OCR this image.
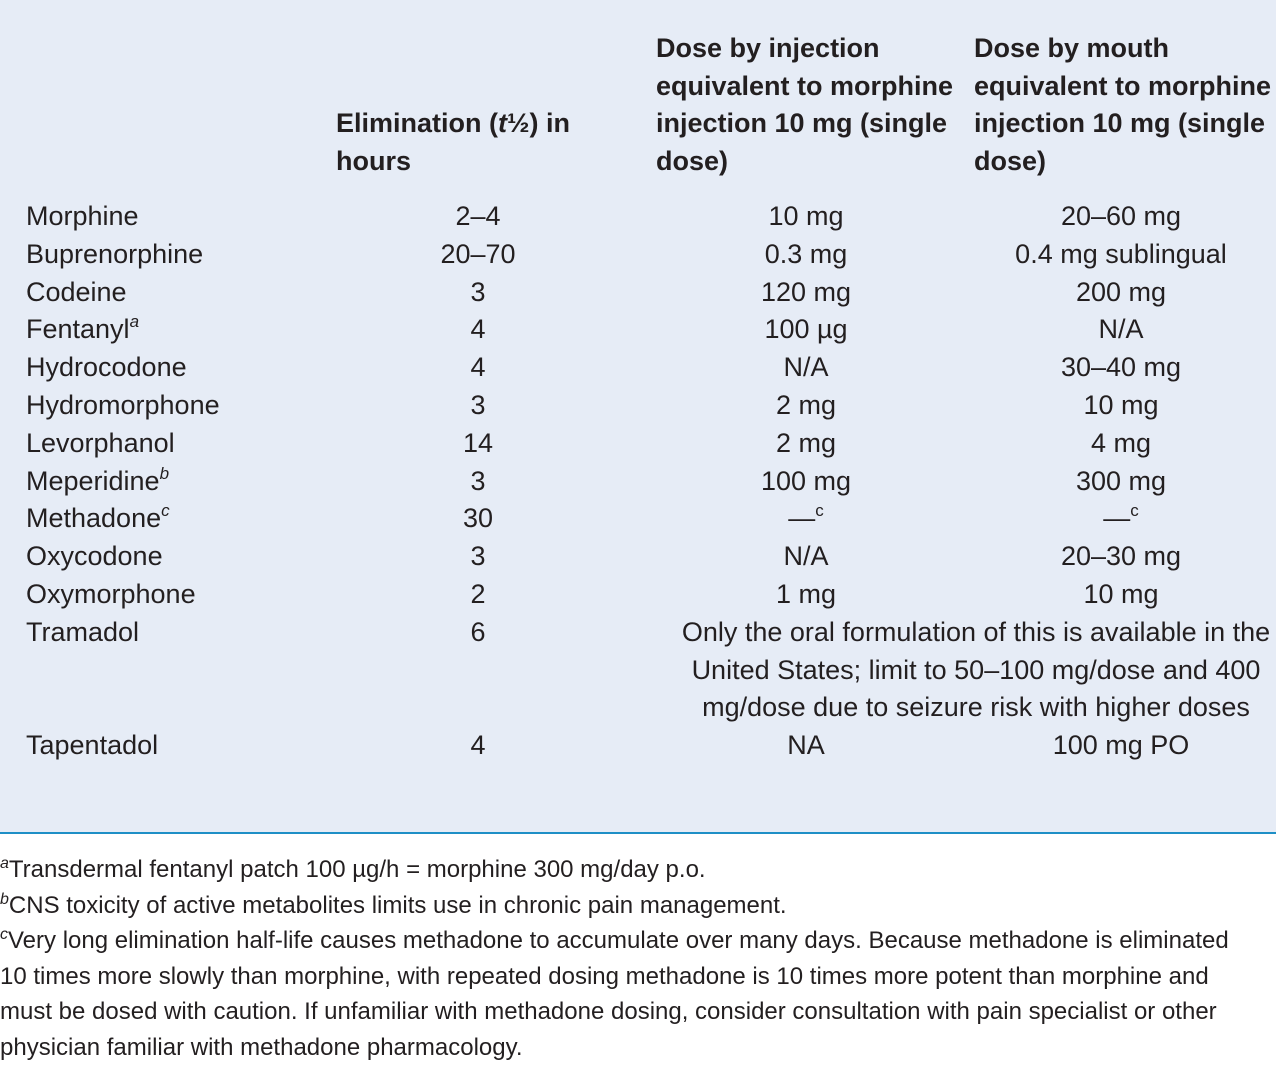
	Elimination (t½) in hours	Dose by injection equivalent to morphine injection 10 mg (single dose)	Dose by mouth equivalent to morphine injection 10 mg (single dose)
Morphine	2–4	10 mg	20–60 mg
Buprenorphine	20–70	0.3 mg	0.4 mg sublingual
Codeine	3	120 mg	200 mg
Fentanyl$^a$	4	100 µg	N/A
Hydrocodone	4	N/A	30–40 mg
Hydromorphone	3	2 mg	10 mg
Levorphanol	14	2 mg	4 mg
Meperidine$^b$	3	100 mg	300 mg
Methadone$^c$	30	—$^c$	—$^c$
Oxycodone	3	N/A	20–30 mg
Oxymorphone	2	1 mg	10 mg
Tramadol	6	Only the oral formulation of this is available in the United States; limit to 50–100 mg/dose and 400 mg/dose due to seizure risk with higher doses	
Tapentadol	4	NA	100 mg PO

$^a$Transdermal fentanyl patch 100 µg/h = morphine 300 mg/day p.o.

$^b$CNS toxicity of active metabolites limits use in chronic pain management.

$^c$Very long elimination half-life causes methadone to accumulate over many days. Because methadone is eliminated 10 times more slowly than morphine, with repeated dosing methadone is 10 times more potent than morphine and must be dosed with caution. If unfamiliar with methadone dosing, consider consultation with pain specialist or other physician familiar with methadone pharmacology.
